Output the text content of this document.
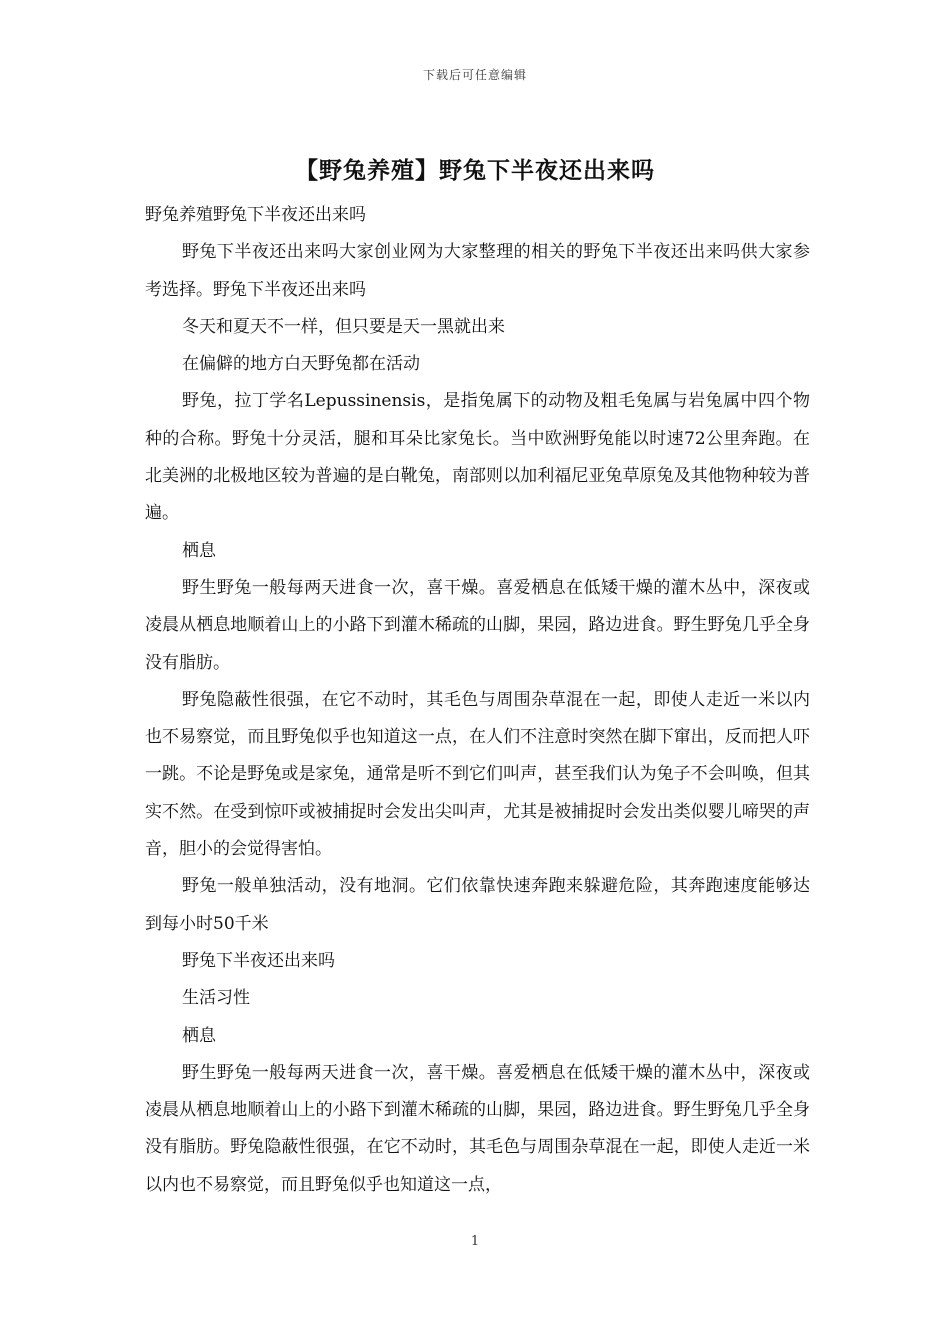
下载后可任意编辑
【野兔养殖】野兔下半夜还出来吗

野兔养殖野兔下半夜还出来吗

野兔下半夜还出来吗大家创业网为大家整理的相关的野兔下半夜还出来吗供大家参考选择。野兔下半夜还出来吗

冬天和夏天不一样，但只要是天一黑就出来

在偏僻的地方白天野兔都在活动

野兔，拉丁学名Lepussinensis，是指兔属下的动物及粗毛兔属与岩兔属中四个物种的合称。野兔十分灵活，腿和耳朵比家兔长。当中欧洲野兔能以时速72公里奔跑。在北美洲的北极地区较为普遍的是白靴兔，南部则以加利福尼亚兔草原兔及其他物种较为普遍。

栖息

野生野兔一般每两天进食一次，喜干燥。喜爱栖息在低矮干燥的灌木丛中，深夜或凌晨从栖息地顺着山上的小路下到灌木稀疏的山脚，果园，路边进食。野生野兔几乎全身没有脂肪。

野兔隐蔽性很强，在它不动时，其毛色与周围杂草混在一起，即使人走近一米以内也不易察觉，而且野兔似乎也知道这一点，在人们不注意时突然在脚下窜出，反而把人吓一跳。不论是野兔或是家兔，通常是听不到它们叫声，甚至我们认为兔子不会叫唤，但其实不然。在受到惊吓或被捕捉时会发出尖叫声，尤其是被捕捉时会发出类似婴儿啼哭的声音，胆小的会觉得害怕。

野兔一般单独活动，没有地洞。它们依靠快速奔跑来躲避危险，其奔跑速度能够达到每小时50千米

野兔下半夜还出来吗

生活习性

栖息

野生野兔一般每两天进食一次，喜干燥。喜爱栖息在低矮干燥的灌木丛中，深夜或凌晨从栖息地顺着山上的小路下到灌木稀疏的山脚，果园，路边进食。野生野兔几乎全身没有脂肪。野兔隐蔽性很强，在它不动时，其毛色与周围杂草混在一起，即使人走近一米以内也不易察觉，而且野兔似乎也知道这一点，

1
